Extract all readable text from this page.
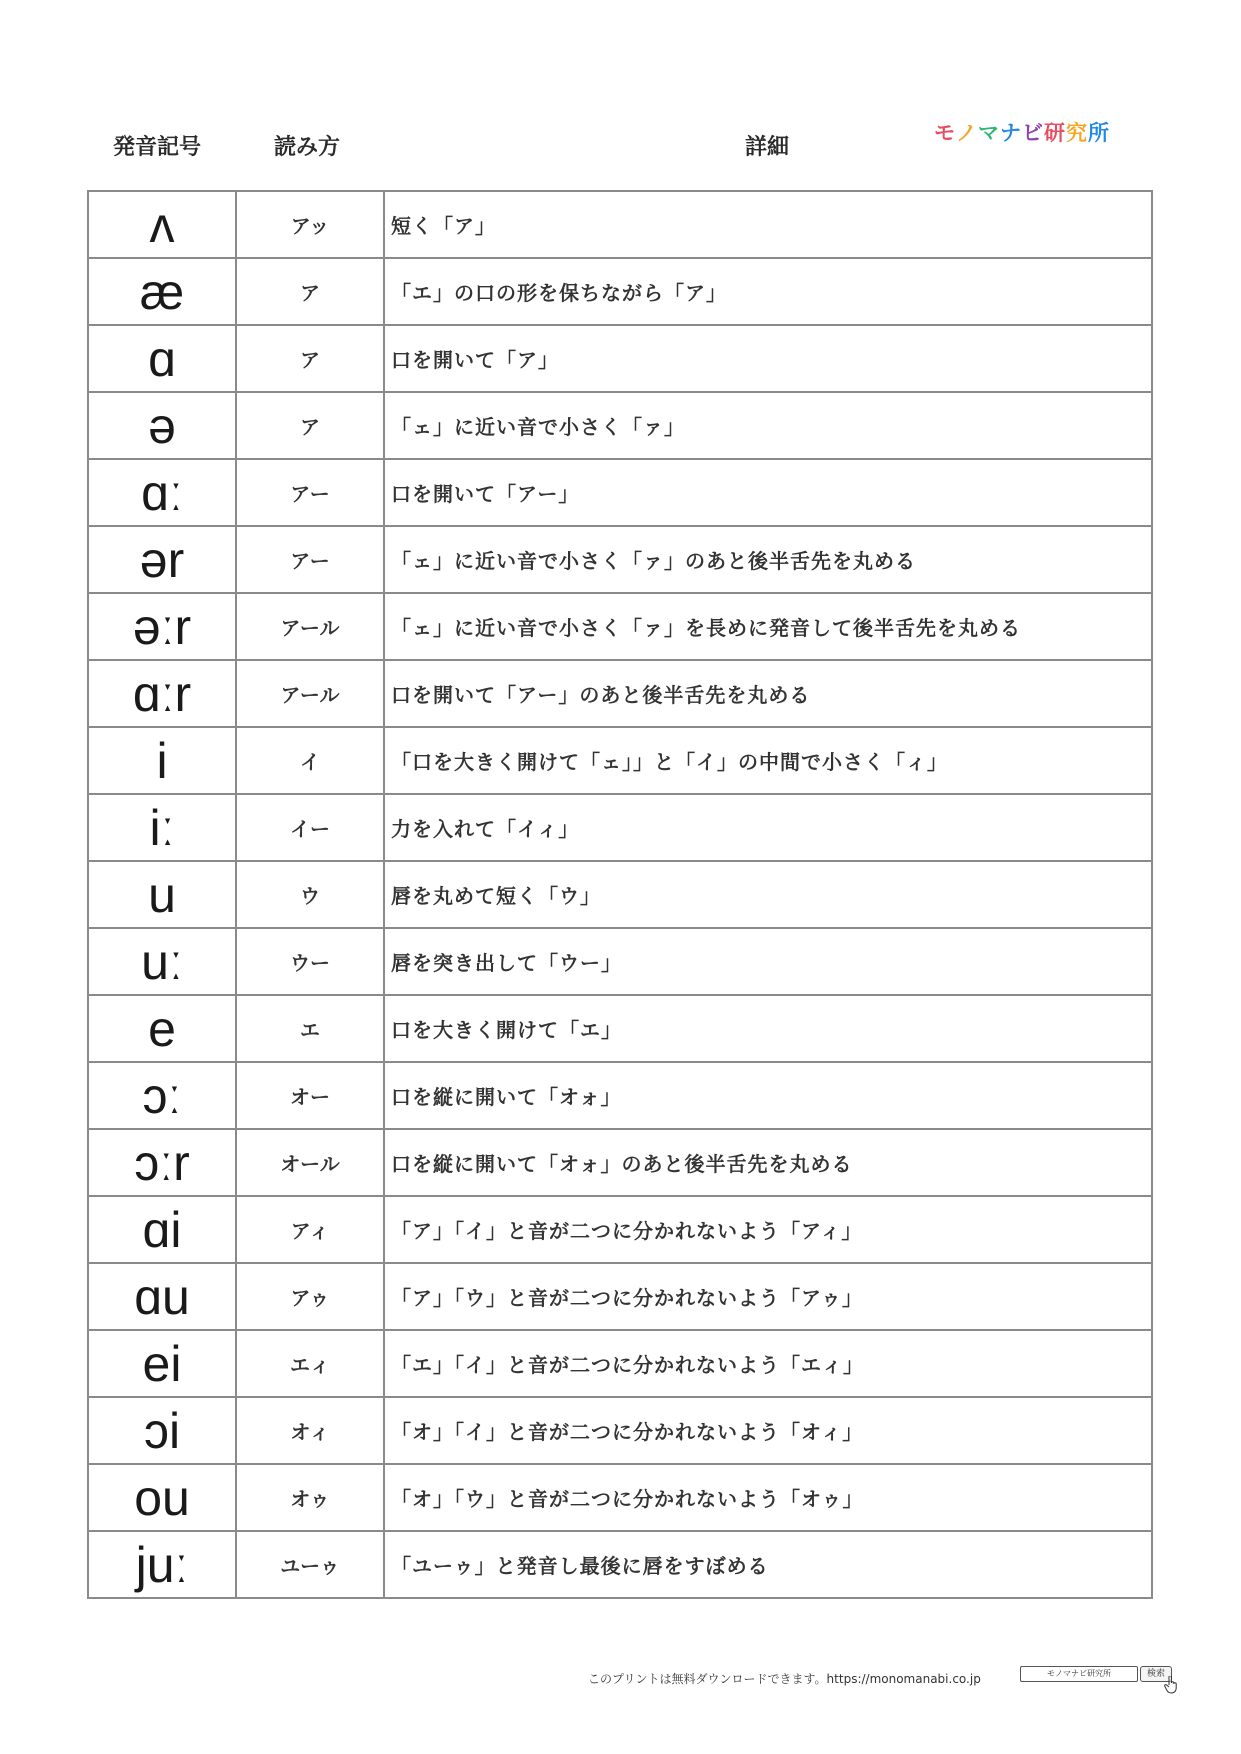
発音記号	読み方	詳細
モノマナビ研究所
ʌ	アッ	短く「ア」
æ	ア	「エ」の口の形を保ちながら「ア」
ɑ	ア	口を開いて「ア」
ə	ア	「ェ」に近い音で小さく「ァ」
ɑː	アー	口を開いて「アー」
ər	アー	「ェ」に近い音で小さく「ァ」のあと後半舌先を丸める
əːr	アール	「ェ」に近い音で小さく「ァ」を長めに発音して後半舌先を丸める
ɑːr	アール	口を開いて「アー」のあと後半舌先を丸める
i	イ	「口を大きく開けて「ェ」」と「イ」の中間で小さく「ィ」
iː	イー	力を入れて「イィ」
u	ウ	唇を丸めて短く「ウ」
uː	ウー	唇を突き出して「ウー」
e	エ	口を大きく開けて「エ」
ɔː	オー	口を縦に開いて「オォ」
ɔːr	オール	口を縦に開いて「オォ」のあと後半舌先を丸める
ɑi	アィ	「ア」「イ」と音が二つに分かれないよう「アィ」
ɑu	アゥ	「ア」「ウ」と音が二つに分かれないよう「アゥ」
ei	エィ	「エ」「イ」と音が二つに分かれないよう「エィ」
ɔi	オィ	「オ」「イ」と音が二つに分かれないよう「オィ」
ou	オゥ	「オ」「ウ」と音が二つに分かれないよう「オゥ」
juː	ユーゥ	「ユーゥ」と発音し最後に唇をすぼめる
このプリントは無料ダウンロードできます。https://monomanabi.co.jp	モノマナビ研究所	検索
